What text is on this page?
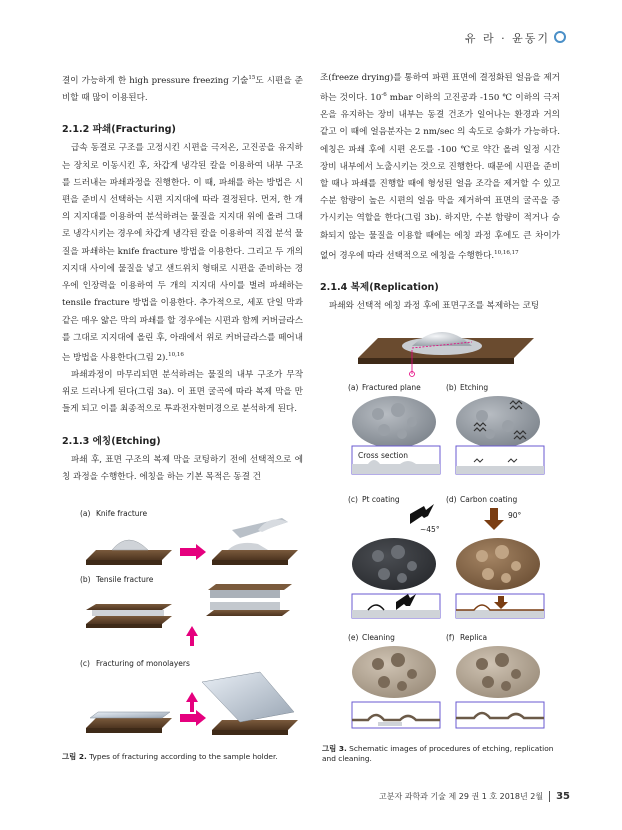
유 라 · 윤동기

결이 가능하게 한 high pressure freezing 기술$^{15}$도 시편을 준비할 때 많이 이용된다.

2.1.2 파쇄(Fracturing)

급속 동결로 구조를 고정시킨 시편을 극저온, 고진공을 유지하는 장치로 이동시킨 후, 차갑게 냉각된 칼을 이용하여 내부 구조를 드러내는 파쇄과정을 진행한다. 이 때, 파쇄를 하는 방법은 시편을 준비시 선택하는 시편 지지대에 따라 결정된다. 먼저, 한 개의 지지대를 이용하여 분석하려는 물질을 지지대 위에 올려 그대로 냉각시키는 경우에 차갑게 냉각된 칼을 이용하여 직접 분석 물질을 파쇄하는 knife fracture 방법을 이용한다. 그리고 두 개의 지지대 사이에 물질을 넣고 샌드위치 형태로 시편을 준비하는 경우에 인장력을 이용하여 두 개의 지지대 사이를 벌려 파쇄하는 tensile fracture 방법을 이용한다. 추가적으로, 세포 단일 막과 같은 매우 얇은 막의 파쇄를 할 경우에는 시편과 함께 커버글라스를 그대로 지지대에 올린 후, 아래에서 위로 커버글라스를 떼어내는 방법을 사용한다(그림 2).$^{10,16}$

파쇄과정이 마무리되면 분석하려는 물질의 내부 구조가 무작위로 드러나게 된다(그림 3a). 이 표면 굴곡에 따라 복제 막을 만들게 되고 이를 최종적으로 투과전자현미경으로 분석하게 된다.

2.1.3 에칭(Etching)

파쇄 후, 표면 구조의 복제 막을 코팅하기 전에 선택적으로 에칭 과정을 수행한다. 에칭을 하는 기본 목적은 동결 건

조(freeze drying)를 통하여 파편 표면에 결정화된 얼음을 제거하는 것이다. $10^{-6}$ mbar 이하의 고진공과 -150 ℃ 이하의 극저온을 유지하는 장비 내부는 동결 건조가 일어나는 환경과 거의 같고 이 때에 얼음분자는 2 nm/sec 의 속도로 승화가 가능하다. 에칭은 파쇄 후에 시편 온도를 -100 ℃로 약간 올려 일정 시간 장비 내부에서 노출시키는 것으로 진행한다. 때문에 시편을 준비할 때나 파쇄를 진행할 때에 형성된 얼음 조각을 제거할 수 있고 수분 함량이 높은 시편의 얼음 막을 제거하여 표면의 굴곡을 증가시키는 역할을 한다(그림 3b). 하지만, 수분 함량이 적거나 승화되지 않는 물질을 이용할 때에는 에칭 과정 후에도 큰 차이가 없어 경우에 따라 선택적으로 에칭을 수행한다.$^{10,16,17}$

2.1.4 복제(Replication)

파쇄와 선택적 에칭 과정 후에 표면구조를 복제하는 코팅

(a) Knife fracture
(b) Tensile fracture
(c) Fracturing of monolayers
그림 2. Types of fracturing according to the sample holder.
(a) Fractured plane	(b) Etching
Cross section
(c) Pt coating	(d) Carbon coating
~45°
90°
(e) Cleaning	(f) Replica
그림 3. Schematic images of procedures of etching, replication and cleaning.
고분자 과학과 기술 제 29 권 1 호 2018년 2월 35
